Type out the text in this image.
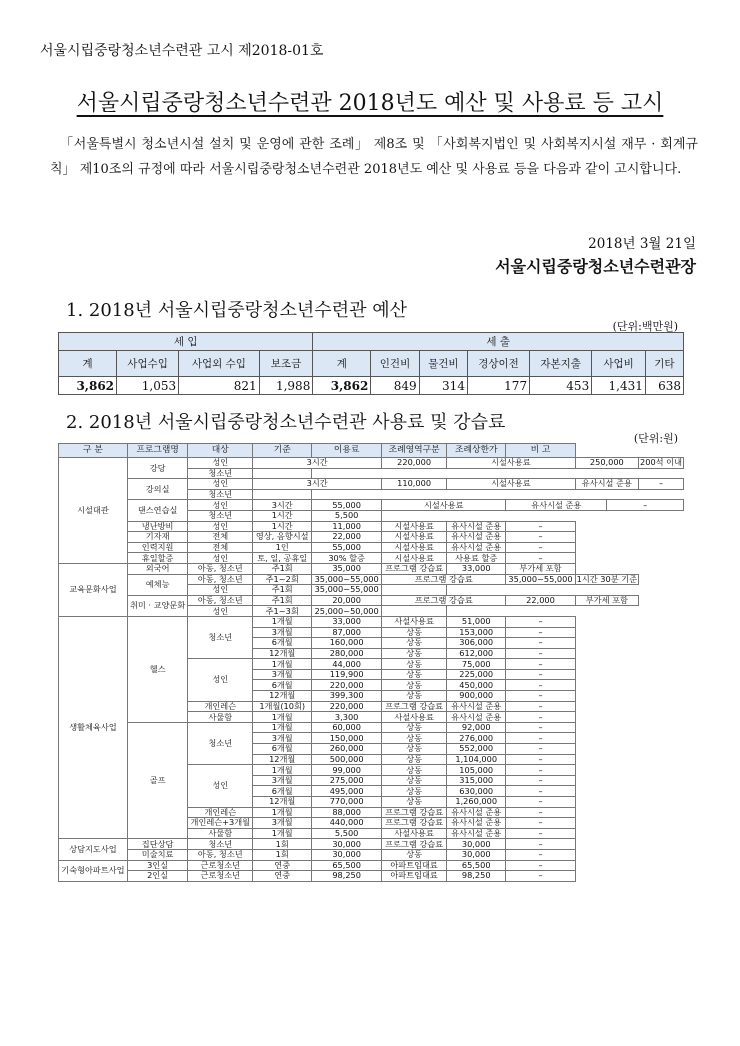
서울시립중랑청소년수련관 고시 제2018-01호
서울시립중랑청소년수련관 2018년도 예산 및 사용료 등 고시
「서울특별시 청소년시설 설치 및 운영에 관한 조례」 제8조 및 「사회복지법인 및 사회복지시설 재무 · 회계규칙」 제10조의 규정에 따라 서울시립중랑청소년수련관 2018년도 예산 및 사용료 등을 다음과 같이 고시합니다.
2018년 3월 21일
서울시립중랑청소년수련관장
1. 2018년 서울시립중랑청소년수련관 예산
(단위:백만원)
세 입				세 출						
계	사업수입	사업외 수입	보조금	계	인건비	물건비	경상이전	자본지출	사업비	기타
3,862	1,053	821	1,988	3,862	849	314	177	453	1,431	638
2. 2018년 서울시립중랑청소년수련관 사용료 및 강습료
(단위:원)
구 분	프로그램명	대상	기준	이용료	조례영역구분	조례상한가	비 고			
시설대관	강당	성인	3시간		220,000	시설사용료		250,000		200석 이내
		청소년								
	강의실	성인	3시간		110,000	시설사용료		유사시설 준용		–
		청소년								
	댄스연습실	성인	3시간	55,000	시설사용료		유사시설 준용		–	
		청소년	1시간	5,500						
	냉난방비	성인	1시간	11,000	시설사용료	유사시설 준용	–			
	기자재	전체	영상, 음향시설	22,000	시설사용료	유사시설 준용	–			
	인력지원	전체	1인	55,000	시설사용료	유사시설 준용	–			
	휴일할증	성인	토, 일, 공휴일	30% 할증	시설사용료	사용료 할증	–			
교육문화사업	외국어	아동, 청소년	주1회	35,000	프로그램 강습료	33,000	부가세 포함			
	예체능	아동, 청소년	주1~2회	35,000~55,000	프로그램 강습료		35,000~55,000	1시간 30분 기준		
		성인	주1회	35,000~55,000						
	취미 · 교양문화	아동, 청소년	주1회	20,000	프로그램 강습료		22,000	부가세 포함		
		성인	주1~3회	25,000~50,000						
생활체육사업	헬스	청소년	1개월	33,000	사설사용료	51,000	–			
			3개월	87,000	상동	153,000	–			
			6개월	160,000	상동	306,000	–			
			12개월	280,000	상동	612,000	–			
		성인	1개월	44,000	상동	75,000	–			
			3개월	119,900	상동	225,000	–			
			6개월	220,000	상동	450,000	–			
			12개월	399,300	상동	900,000	–			
		개인레슨	1개월(10회)	220,000	프로그램 강습료	유사시설 준용	–			
		사물함	1개월	3,300	사설사용료	유사시설 준용	–			
	골프	청소년	1개월	60,000	상동	92,000	–			
			3개월	150,000	상동	276,000	–			
			6개월	260,000	상동	552,000	–			
			12개월	500,000	상동	1,104,000	–			
		성인	1개월	99,000	상동	105,000	–			
			3개월	275,000	상동	315,000	–			
			6개월	495,000	상동	630,000	–			
			12개월	770,000	상동	1,260,000	–			
		개인레슨	1개월	88,000	프로그램 강습료	유사시설 준용	–			
		개인레슨+3개월	3개월	440,000	프로그램 강습료	유사시설 준용	–			
		사물함	1개월	5,500	사설사용료	유사시설 준용	–			
상담지도사업	집단상담	청소년	1회	30,000	프로그램 강습료	30,000	–			
	미술치료	아동, 청소년	1회	30,000	상동	30,000	–			
기숙형아파트사업	3인실	근로청소년	연중	65,500	아파트임대료	65,500	–			
	2인실	근로청소년	연중	98,250	아파트임대료	98,250	–			
